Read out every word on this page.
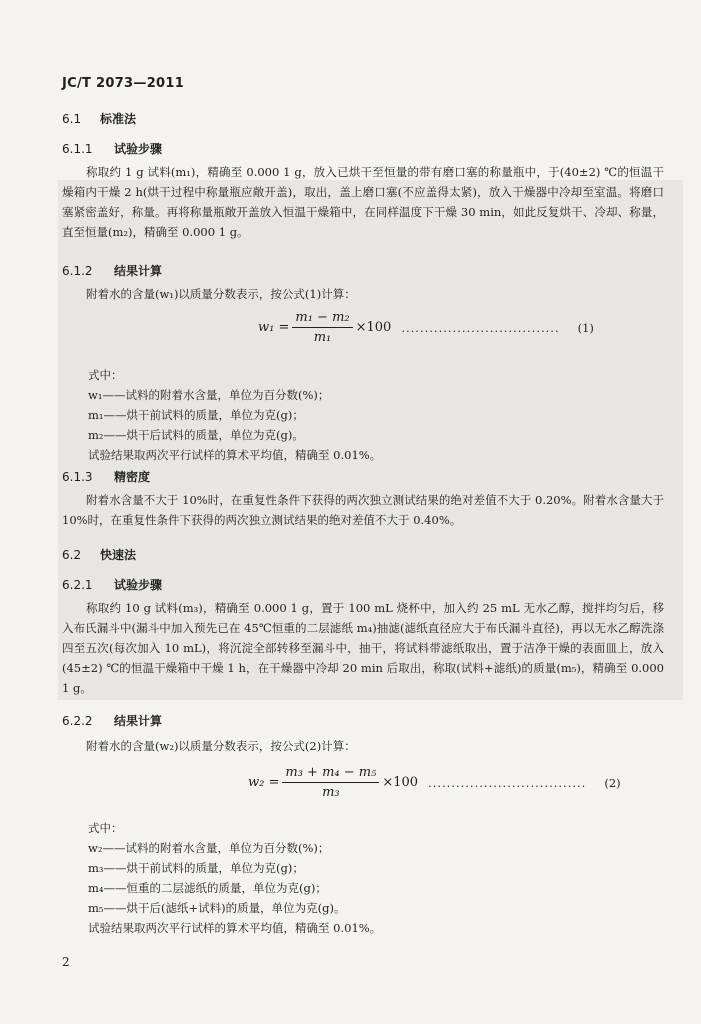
JC/T 2073—2011
6.1 标准法
6.1.1 试验步骤
称取约 1 g 试料(m₁)，精确至 0.000 1 g，放入已烘干至恒量的带有磨口塞的称量瓶中，于(40±2) ℃的恒温干燥箱内干燥 2 h(烘干过程中称量瓶应敞开盖)，取出，盖上磨口塞(不应盖得太紧)，放入干燥器中冷却至室温。将磨口塞紧密盖好，称量。再将称量瓶敞开盖放入恒温干燥箱中，在同样温度下干燥 30 min，如此反复烘干、冷却、称量，直至恒量(m₂)，精确至 0.000 1 g。
6.1.2 结果计算
附着水的含量(w₁)以质量分数表示，按公式(1)计算：
$w_1 = \frac{\text{m₁ − m₂}}{\text{m₁}} \times 100$ .................................. (1)
式中：
w₁——试料的附着水含量，单位为百分数(%)；
m₁——烘干前试料的质量，单位为克(g)；
m₂——烘干后试料的质量，单位为克(g)。
试验结果取两次平行试样的算术平均值，精确至 0.01%。
6.1.3 精密度
附着水含量不大于 10%时，在重复性条件下获得的两次独立测试结果的绝对差值不大于 0.20%。附着水含量大于 10%时，在重复性条件下获得的两次独立测试结果的绝对差值不大于 0.40%。
6.2 快速法
6.2.1 试验步骤
称取约 10 g 试料(m₃)，精确至 0.000 1 g，置于 100 mL 烧杯中，加入约 25 mL 无水乙醇，搅拌均匀后，移入布氏漏斗中(漏斗中加入预先已在 45℃恒重的二层滤纸 m₄)抽滤(滤纸直径应大于布氏漏斗直径)，再以无水乙醇洗涤四至五次(每次加入 10 mL)，将沉淀全部转移至漏斗中，抽干，将试料带滤纸取出，置于洁净干燥的表面皿上，放入(45±2) ℃的恒温干燥箱中干燥 1 h，在干燥器中冷却 20 min 后取出，称取(试料+滤纸)的质量(m₅)，精确至 0.000 1 g。
6.2.2 结果计算
附着水的含量(w₂)以质量分数表示，按公式(2)计算：
$w_2 = \frac{\text{m₃ + m₄ − m₅}}{\text{m₃}} \times 100$ .................................. (2)
式中：
w₂——试料的附着水含量，单位为百分数(%)；
m₃——烘干前试料的质量，单位为克(g)；
m₄——恒重的二层滤纸的质量，单位为克(g)；
m₅——烘干后(滤纸+试料)的质量，单位为克(g)。
试验结果取两次平行试样的算术平均值，精确至 0.01%。
2
